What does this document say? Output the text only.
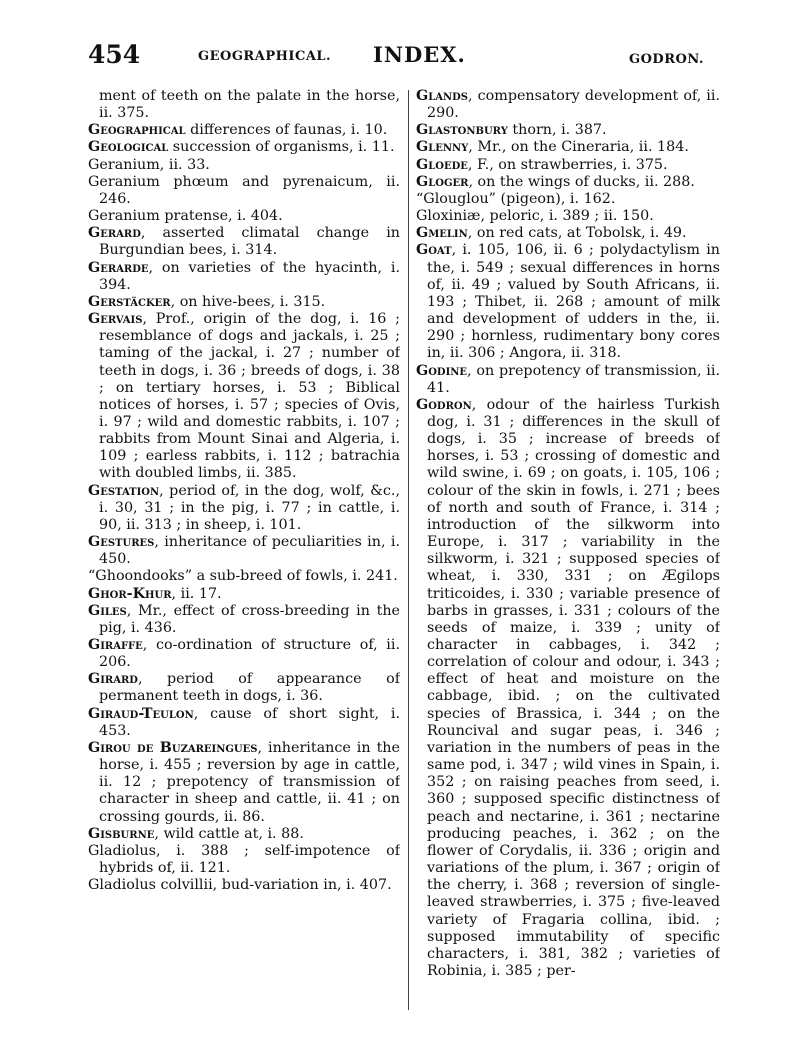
454	GEOGRAPHICAL. INDEX.	GODRON.

ment of teeth on the palate in the horse, ii. 375.

Geographical differences of faunas, i. 10.

Geological succession of organisms, i. 11.

Geranium, ii. 33.

Geranium phœum and pyrenaicum, ii. 246.

Geranium pratense, i. 404.

Gerard, asserted climatal change in Burgundian bees, i. 314.

Gerarde, on varieties of the hyacinth, i. 394.

Gerstäcker, on hive-bees, i. 315.

Gervais, Prof., origin of the dog, i. 16 ; resemblance of dogs and jackals, i. 25 ; taming of the jackal, i. 27 ; number of teeth in dogs, i. 36 ; breeds of dogs, i. 38 ; on tertiary horses, i. 53 ; Biblical notices of horses, i. 57 ; species of Ovis, i. 97 ; wild and domestic rabbits, i. 107 ; rabbits from Mount Sinai and Algeria, i. 109 ; earless rabbits, i. 112 ; batrachia with doubled limbs, ii. 385.

Gestation, period of, in the dog, wolf, &c., i. 30, 31 ; in the pig, i. 77 ; in cattle, i. 90, ii. 313 ; in sheep, i. 101.

Gestures, inheritance of peculiarities in, i. 450.

“Ghoondooks” a sub-breed of fowls, i. 241.

Ghor-Khur, ii. 17.

Giles, Mr., effect of cross-breeding in the pig, i. 436.

Giraffe, co-ordination of structure of, ii. 206.

Girard, period of appearance of permanent teeth in dogs, i. 36.

Giraud-Teulon, cause of short sight, i. 453.

Girou de Buzareingues, inheritance in the horse, i. 455 ; reversion by age in cattle, ii. 12 ; prepotency of transmission of character in sheep and cattle, ii. 41 ; on crossing gourds, ii. 86.

Gisburne, wild cattle at, i. 88.

Gladiolus, i. 388 ; self-impotence of hybrids of, ii. 121.

Gladiolus colvillii, bud-variation in, i. 407.

Glands, compensatory development of, ii. 290.

Glastonbury thorn, i. 387.

Glenny, Mr., on the Cineraria, ii. 184.

Gloede, F., on strawberries, i. 375.

Gloger, on the wings of ducks, ii. 288.

“Glouglou” (pigeon), i. 162.

Gloxiniæ, peloric, i. 389 ; ii. 150.

Gmelin, on red cats, at Tobolsk, i. 49.

Goat, i. 105, 106, ii. 6 ; polydactylism in the, i. 549 ; sexual differences in horns of, ii. 49 ; valued by South Africans, ii. 193 ; Thibet, ii. 268 ; amount of milk and development of udders in the, ii. 290 ; hornless, rudimentary bony cores in, ii. 306 ; Angora, ii. 318.

Godine, on prepotency of transmission, ii. 41.

Godron, odour of the hairless Turkish dog, i. 31 ; differences in the skull of dogs, i. 35 ; increase of breeds of horses, i. 53 ; crossing of domestic and wild swine, i. 69 ; on goats, i. 105, 106 ; colour of the skin in fowls, i. 271 ; bees of north and south of France, i. 314 ; introduction of the silkworm into Europe, i. 317 ; variability in the silkworm, i. 321 ; supposed species of wheat, i. 330, 331 ; on Ægilops triticoides, i. 330 ; variable presence of barbs in grasses, i. 331 ; colours of the seeds of maize, i. 339 ; unity of character in cabbages, i. 342 ; correlation of colour and odour, i. 343 ; effect of heat and moisture on the cabbage, ibid. ; on the cultivated species of Brassica, i. 344 ; on the Rouncival and sugar peas, i. 346 ; variation in the numbers of peas in the same pod, i. 347 ; wild vines in Spain, i. 352 ; on raising peaches from seed, i. 360 ; supposed specific distinctness of peach and nectarine, i. 361 ; nectarine producing peaches, i. 362 ; on the flower of Corydalis, ii. 336 ; origin and variations of the plum, i. 367 ; origin of the cherry, i. 368 ; reversion of single-leaved strawberries, i. 375 ; five-leaved variety of Fragaria collina, ibid. ; supposed immutability of specific characters, i. 381, 382 ; varieties of Robinia, i. 385 ; per-
